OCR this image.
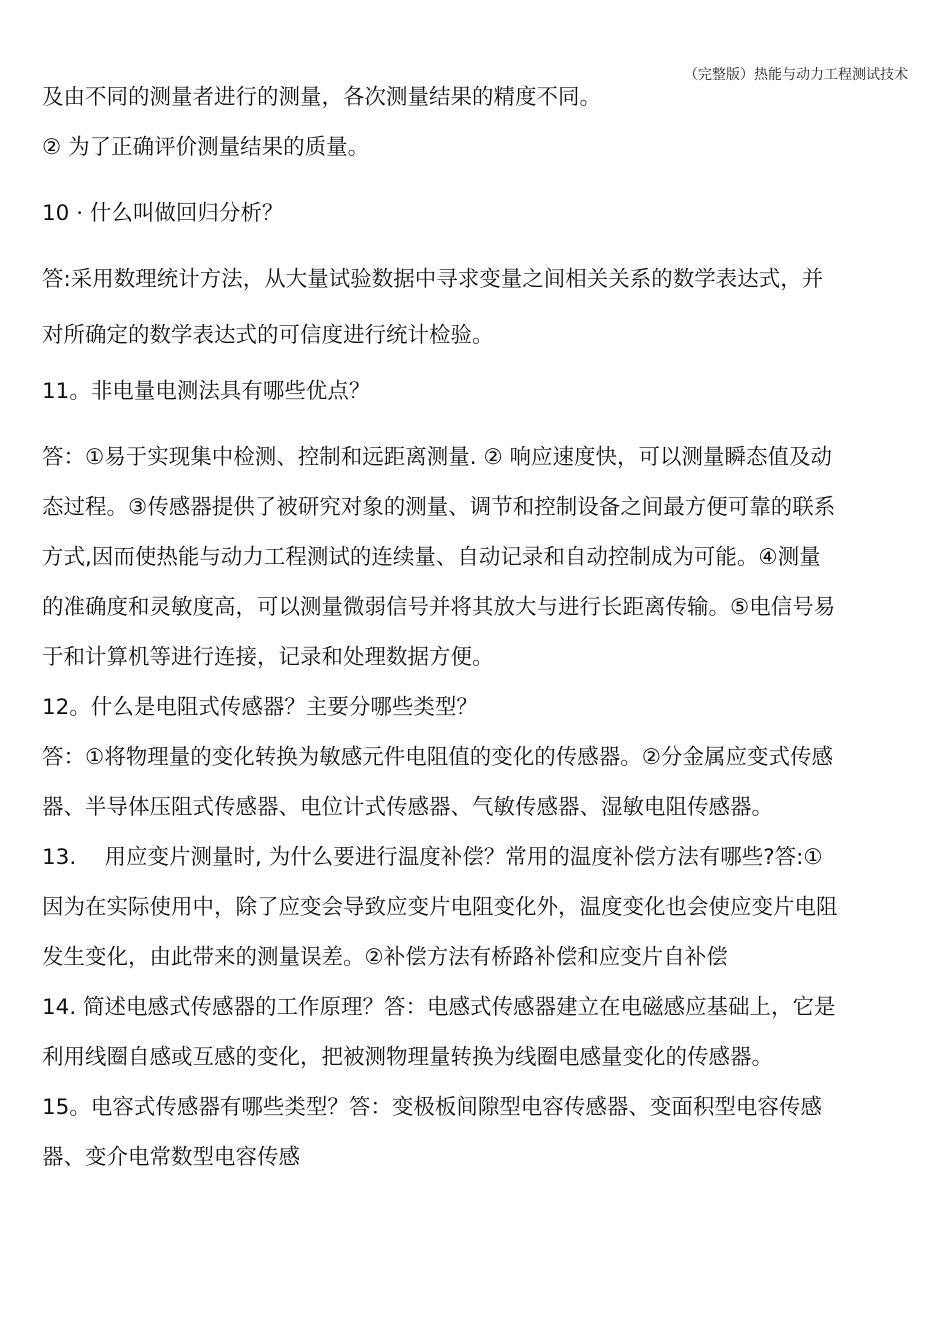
（完整版）热能与动力工程测试技术

及由不同的测量者进行的测量，各次测量结果的精度不同。

② 为了正确评价测量结果的质量。

10 · 什么叫做回归分析？

答:采用数理统计方法，从大量试验数据中寻求变量之间相关关系的数学表达式，并

对所确定的数学表达式的可信度进行统计检验。

11。非电量电测法具有哪些优点？

答：①易于实现集中检测、控制和远距离测量. ② 响应速度快，可以测量瞬态值及动

态过程。③传感器提供了被研究对象的测量、调节和控制设备之间最方便可靠的联系

方式,因而使热能与动力工程测试的连续量、自动记录和自动控制成为可能。④测量

的准确度和灵敏度高，可以测量微弱信号并将其放大与进行长距离传输。⑤电信号易

于和计算机等进行连接，记录和处理数据方便。

12。什么是电阻式传感器？主要分哪些类型？

答：①将物理量的变化转换为敏感元件电阻值的变化的传感器。②分金属应变式传感

器、半导体压阻式传感器、电位计式传感器、气敏传感器、湿敏电阻传感器。

13.　 用应变片测量时, 为什么要进行温度补偿？常用的温度补偿方法有哪些?答:①

因为在实际使用中，除了应变会导致应变片电阻变化外，温度变化也会使应变片电阻

发生变化，由此带来的测量误差。②补偿方法有桥路补偿和应变片自补偿

14. 简述电感式传感器的工作原理？答：电感式传感器建立在电磁感应基础上，它是

利用线圈自感或互感的变化，把被测物理量转换为线圈电感量变化的传感器。

15。电容式传感器有哪些类型？答：变极板间隙型电容传感器、变面积型电容传感

器、变介电常数型电容传感
